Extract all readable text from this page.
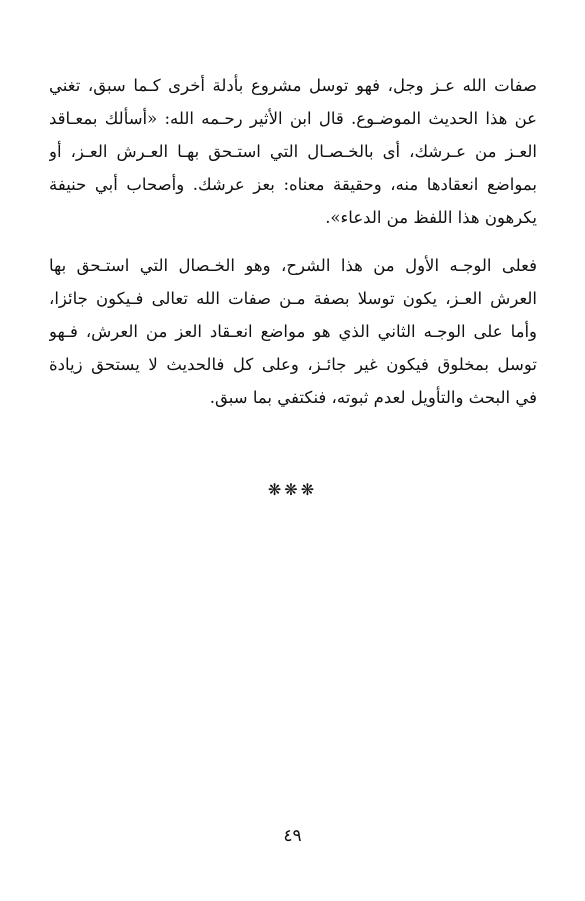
صفات الله عـز وجل، فهو توسل مشروع بأدلة أخرى كـما سبق، تغني
عن هذا الحديث الموضـوع. قال ابن الأثير رحـمه الله: «أسألك بمعـاقد
العـز من عـرشك، أى بالخـصـال التي استـحق بهـا العـرش العـز، أو
بمواضع انعقادها منه، وحقيقة معناه: بعز عرشك. وأصحاب أبي حنيفة
يكرهون هذا اللفظ من الدعاء».
فعلى الوجـه الأول من هذا الشرح، وهو الخـصال التي استـحق بها
العرش العـز، يكون توسلا بصفة مـن صفات الله تعالى فـيكون جائزا،
وأما على الوجـه الثاني الذي هو مواضع انعـقاد العز من العرش، فـهو
توسل بمخلوق فيكون غير جائـز، وعلى كل فالحديث لا يستحق زيادة
في البحث والتأويل لعدم ثبوته، فنكتفي بما سبق.
❋❋❋
٤٩
